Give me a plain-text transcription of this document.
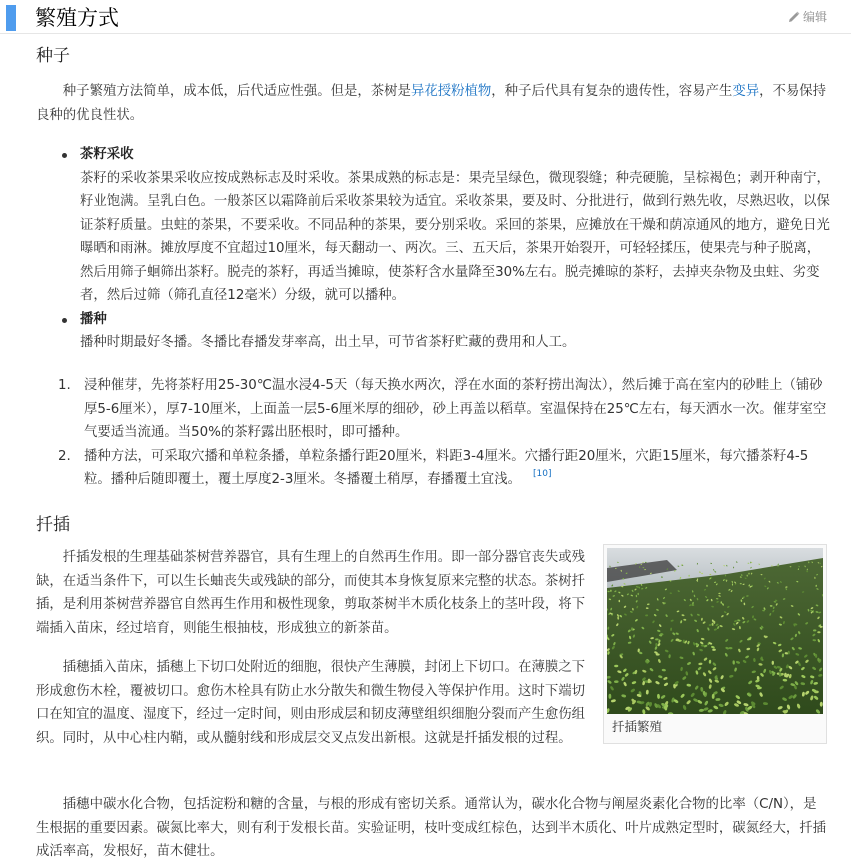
繁殖方式	编辑
种子

种子繁殖方法简单，成本低，后代适应性强。但是，茶树是异花授粉植物，种子后代具有复杂的遗传性，容易产生变异，不易保持良种的优良性状。

茶籽采收
茶籽的采收茶果采收应按成熟标志及时采收。茶果成熟的标志是：果壳呈绿色，微现裂缝；种壳硬脆，呈棕褐色；剥开种南宁，籽业饱满。呈乳白色。一般茶区以霜降前后采收茶果较为适宜。采收茶果，要及时、分批进行，做到行熟先收，尽熟迟收，以保证茶籽质量。虫蛀的茶果，不要采收。不同品种的茶果，要分别采收。采回的茶果，应摊放在干燥和荫凉通风的地方，避免日光曝晒和雨淋。摊放厚度不宜超过10厘米，每天翻动一、两次。三、五天后，茶果开始裂开，可轻轻揉压，使果壳与种子脱离，然后用筛子蛔筛出茶籽。脱壳的茶籽，再适当摊晾，使茶籽含水量降至30%左右。脱壳摊晾的茶籽，去掉夹杂物及虫蛀、劣变者，然后过筛（筛孔直径12毫米）分级，就可以播种。
播种
播种时期最好冬播。冬播比春播发芽率高，出土早，可节省茶籽贮藏的费用和人工。
1. 浸种催芽，先将茶籽用25-30℃温水浸4-5天（每天换水两次，浮在水面的茶籽捞出淘汰），然后摊于高在室内的砂畦上（铺砂厚5-6厘米），厚7-10厘米，上面盖一层5-6厘米厚的细砂，砂上再盖以稻草。室温保持在25℃左右，每天洒水一次。催芽室空气要适当流通。当50%的茶籽露出胚根时，即可播种。
2. 播种方法，可采取穴播和单粒条播，单粒条播行距20厘米，料距3-4厘米。穴播行距20厘米，穴距15厘米，每穴播茶籽4-5粒。播种后随即覆土，覆土厚度2-3厘米。冬播覆土稍厚，春播覆土宜浅。 [10]
扦插

扦插发根的生理基础茶树营养器官，具有生理上的自然再生作用。即一部分器官丧失或残缺，在适当条件下，可以生长蚰丧失或残缺的部分，而使其本身恢复原来完整的状态。茶树扦插，是利用茶树营养器官自然再生作用和极性现象，剪取茶树半木质化枝条上的茎叶段，将下端插入苗床，经过培育，则能生根抽枝，形成独立的新茶苗。

插穗插入苗床，插穗上下切口处附近的细胞，很快产生薄膜，封闭上下切口。在薄膜之下形成愈伤木栓，覆被切口。愈伤木栓具有防止水分散失和微生物侵入等保护作用。这时下端切口在知宜的温度、湿度下，经过一定时间，则由形成层和韧皮薄壁组织细胞分裂而产生愈伤组织。同时，从中心柱内鞘，或从髓射线和形成层交叉点发出新根。这就是扦插发根的过程。

插穗中碳水化合物，包括淀粉和糖的含量，与根的形成有密切关系。通常认为，碳水化合物与阐屋炎素化合物的比率（C/N），是生根据的重要因素。碳氮比率大，则有利于发根长苗。实验证明，枝叶变成红棕色，达到半木质化、叶片成熟定型时，碳氮经大，扦插成活率高，发根好，苗木健壮。

扦插繁殖
